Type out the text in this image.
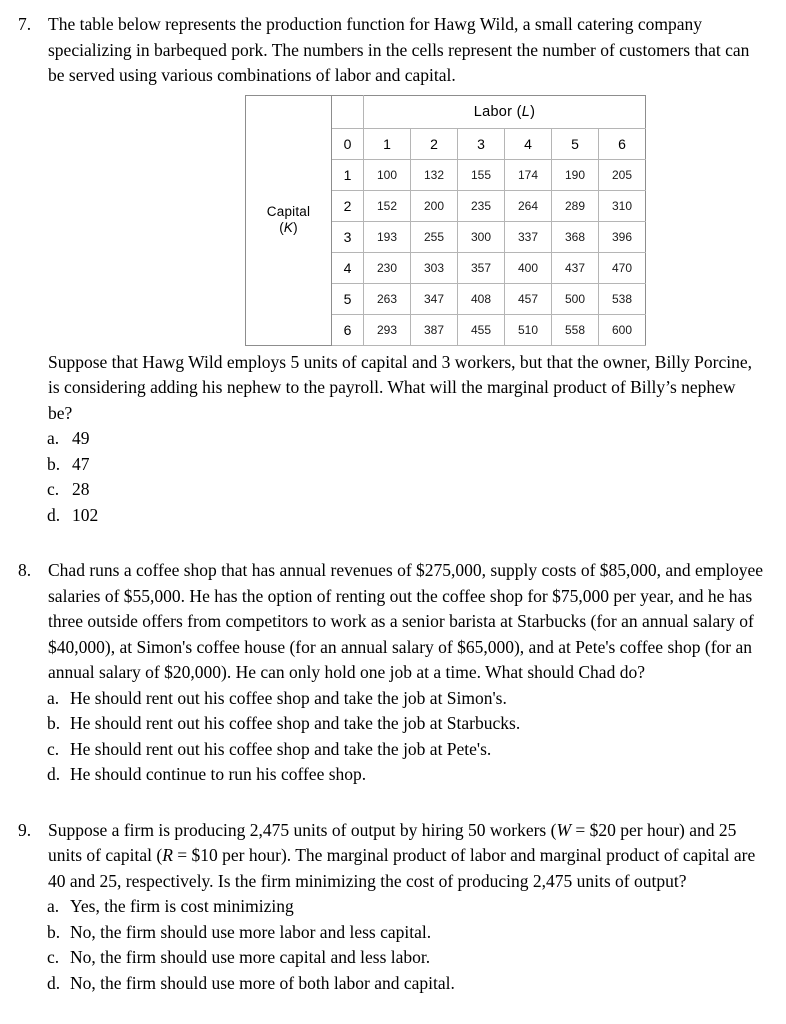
7. The table below represents the production function for Hawg Wild, a small catering company specializing in barbequed pork. The numbers in the cells represent the number of customers that can be served using various combinations of labor and capital.

Capital
(K)		Labor (L)					
	0	1	2	3	4	5	6
	1	100	132	155	174	190	205
	2	152	200	235	264	289	310
	3	193	255	300	337	368	396
	4	230	303	357	400	437	470
	5	263	347	408	457	500	538
	6	293	387	455	510	558	600

Suppose that Hawg Wild employs 5 units of capital and 3 workers, but that the owner, Billy Porcine, is considering adding his nephew to the payroll. What will the marginal product of Billy’s nephew be?

a. 49
b. 47
c. 28
d. 102
8. Chad runs a coffee shop that has annual revenues of $275,000, supply costs of $85,000, and employee salaries of $55,000. He has the option of renting out the coffee shop for $75,000 per year, and he has three outside offers from competitors to work as a senior barista at Starbucks (for an annual salary of $40,000), at Simon's coffee house (for an annual salary of $65,000), and at Pete's coffee shop (for an annual salary of $20,000). He can only hold one job at a time. What should Chad do?

a. He should rent out his coffee shop and take the job at Simon's.
b. He should rent out his coffee shop and take the job at Starbucks.
c. He should rent out his coffee shop and take the job at Pete's.
d. He should continue to run his coffee shop.
9. Suppose a firm is producing 2,475 units of output by hiring 50 workers (W = $20 per hour) and 25 units of capital (R = $10 per hour). The marginal product of labor and marginal product of capital are 40 and 25, respectively. Is the firm minimizing the cost of producing 2,475 units of output?

a. Yes, the firm is cost minimizing
b. No, the firm should use more labor and less capital.
c. No, the firm should use more capital and less labor.
d. No, the firm should use more of both labor and capital.
